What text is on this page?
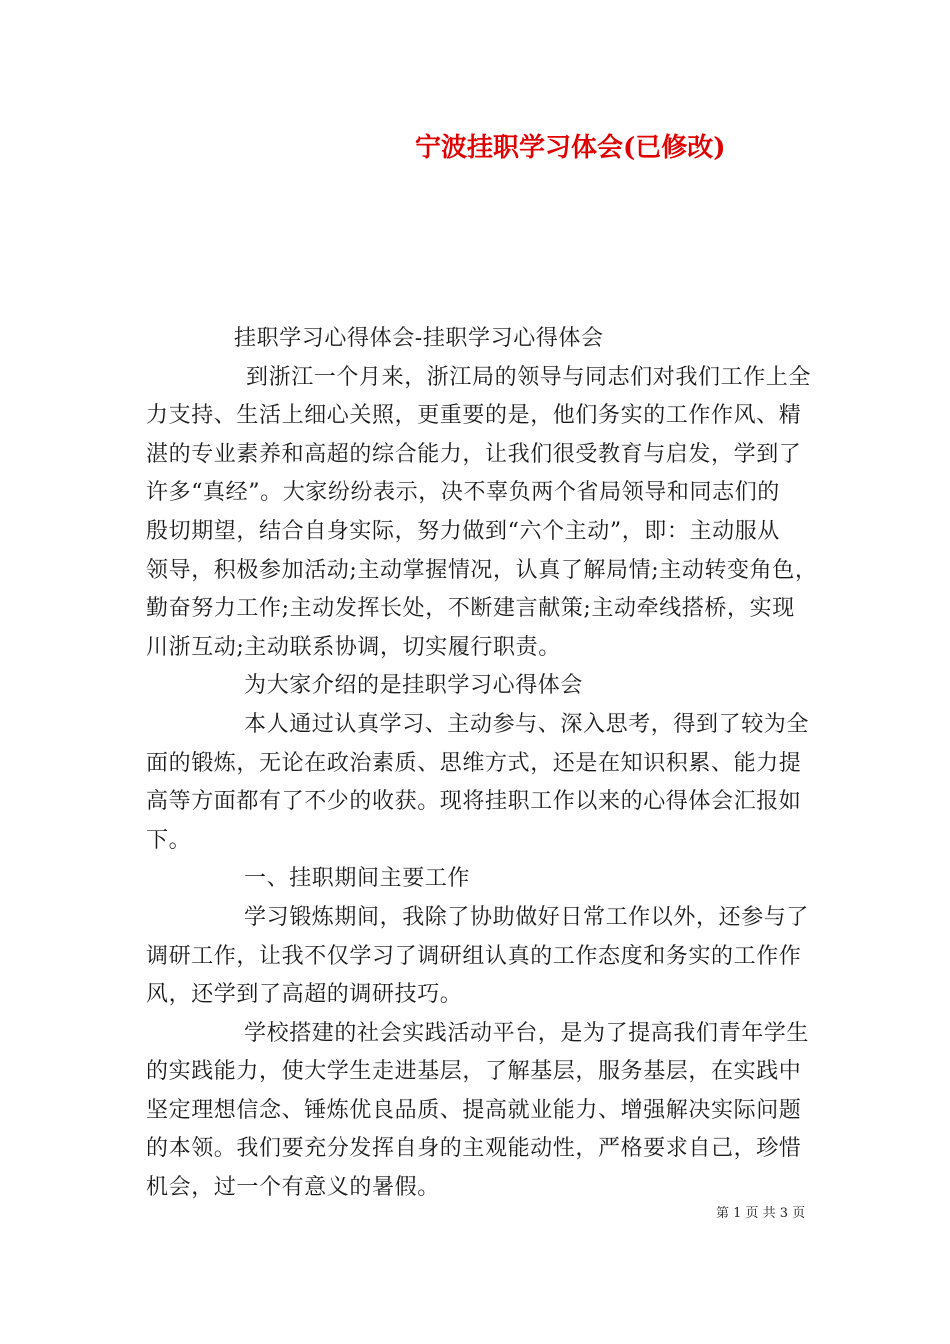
宁波挂职学习体会(已修改)
挂职学习心得体会-挂职学习心得体会
到浙江一个月来，浙江局的领导与同志们对我们工作上全
力支持、生活上细心关照，更重要的是，他们务实的工作作风、精
湛的专业素养和高超的综合能力，让我们很受教育与启发，学到了
许多“真经”。大家纷纷表示，决不辜负两个省局领导和同志们的
殷切期望，结合自身实际，努力做到“六个主动”，即：主动服从
领导，积极参加活动;主动掌握情况，认真了解局情;主动转变角色，
勤奋努力工作;主动发挥长处，不断建言献策;主动牵线搭桥，实现
川浙互动;主动联系协调，切实履行职责。
为大家介绍的是挂职学习心得体会
本人通过认真学习、主动参与、深入思考，得到了较为全
面的锻炼，无论在政治素质、思维方式，还是在知识积累、能力提
高等方面都有了不少的收获。现将挂职工作以来的心得体会汇报如
下。
一、挂职期间主要工作
学习锻炼期间，我除了协助做好日常工作以外，还参与了
调研工作，让我不仅学习了调研组认真的工作态度和务实的工作作
风，还学到了高超的调研技巧。
学校搭建的社会实践活动平台，是为了提高我们青年学生
的实践能力，使大学生走进基层，了解基层，服务基层，在实践中
坚定理想信念、锤炼优良品质、提高就业能力、增强解决实际问题
的本领。我们要充分发挥自身的主观能动性，严格要求自己，珍惜
机会，过一个有意义的暑假。
第 1 页 共 3 页
